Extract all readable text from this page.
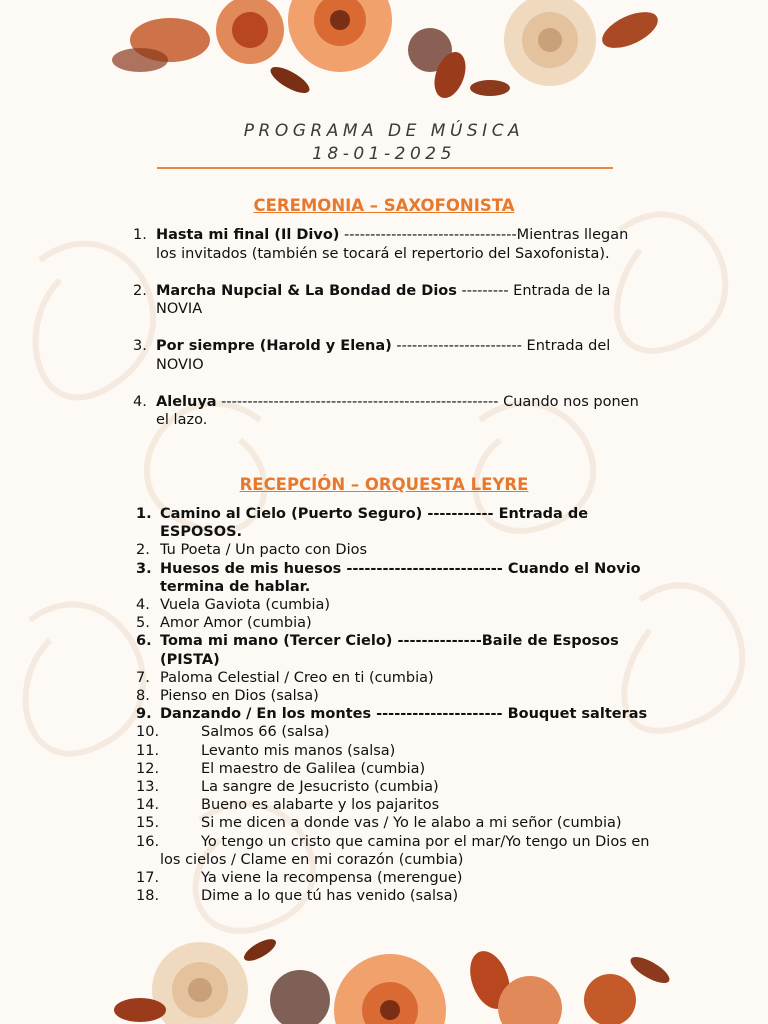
PROGRAMA DE MÚSICA
18-01-2025
CEREMONIA – SAXOFONISTA
1. Hasta mi final (Il Divo) ---------------------------------Mientras llegan los invitados (también se tocará el repertorio del Saxofonista).
2. Marcha Nupcial & La Bondad de Dios --------- Entrada de la NOVIA
3. Por siempre (Harold y Elena) ------------------------ Entrada del NOVIO
4. Aleluya ----------------------------------------------------- Cuando nos ponen el lazo.
RECEPCIÓN – ORQUESTA LEYRE
1. Camino al Cielo (Puerto Seguro) ----------- Entrada de ESPOSOS.
2. Tu Poeta / Un pacto con Dios
3. Huesos de mis huesos -------------------------- Cuando el Novio termina de hablar.
4. Vuela Gaviota (cumbia)
5. Amor Amor (cumbia)
6. Toma mi mano (Tercer Cielo) --------------Baile de Esposos (PISTA)
7. Paloma Celestial / Creo en ti (cumbia)
8. Pienso en Dios (salsa)
9. Danzando / En los montes --------------------- Bouquet salteras
10.	Salmos 66 (salsa)
11.	Levanto mis manos (salsa)
12.	El maestro de Galilea (cumbia)
13.	La sangre de Jesucristo (cumbia)
14.	Bueno es alabarte y los pajaritos
15.	Si me dicen a donde vas / Yo le alabo a mi señor (cumbia)
16.	Yo tengo un cristo que camina por el mar/Yo tengo un Dios en los cielos / Clame en mi corazón (cumbia)
17.	Ya viene la recompensa (merengue)
18.	Dime a lo que tú has venido (salsa)
